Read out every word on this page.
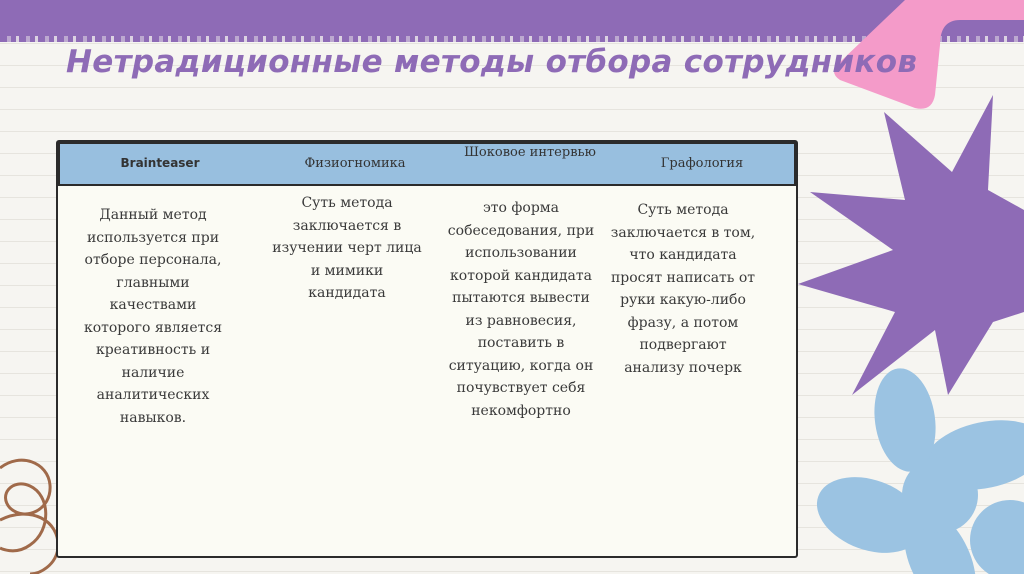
Нетрадиционные методы отбора сотрудников
Brainteaser	Физиогномика
Шоковое интервью
Графология
Данный метод используется при отборе персонала, главными качествами которого является креативность и наличие аналитических навыков.
Суть метода заключается в изучении черт лица и мимики кандидата
это форма собеседования, при использовании которой кандидата пытаются вывести из равновесия, поставить в ситуацию, когда он почувствует себя некомфортно
Суть метода заключается в том, что кандидата просят написать от руки какую-либо фразу, а потом подвергают анализу почерк
